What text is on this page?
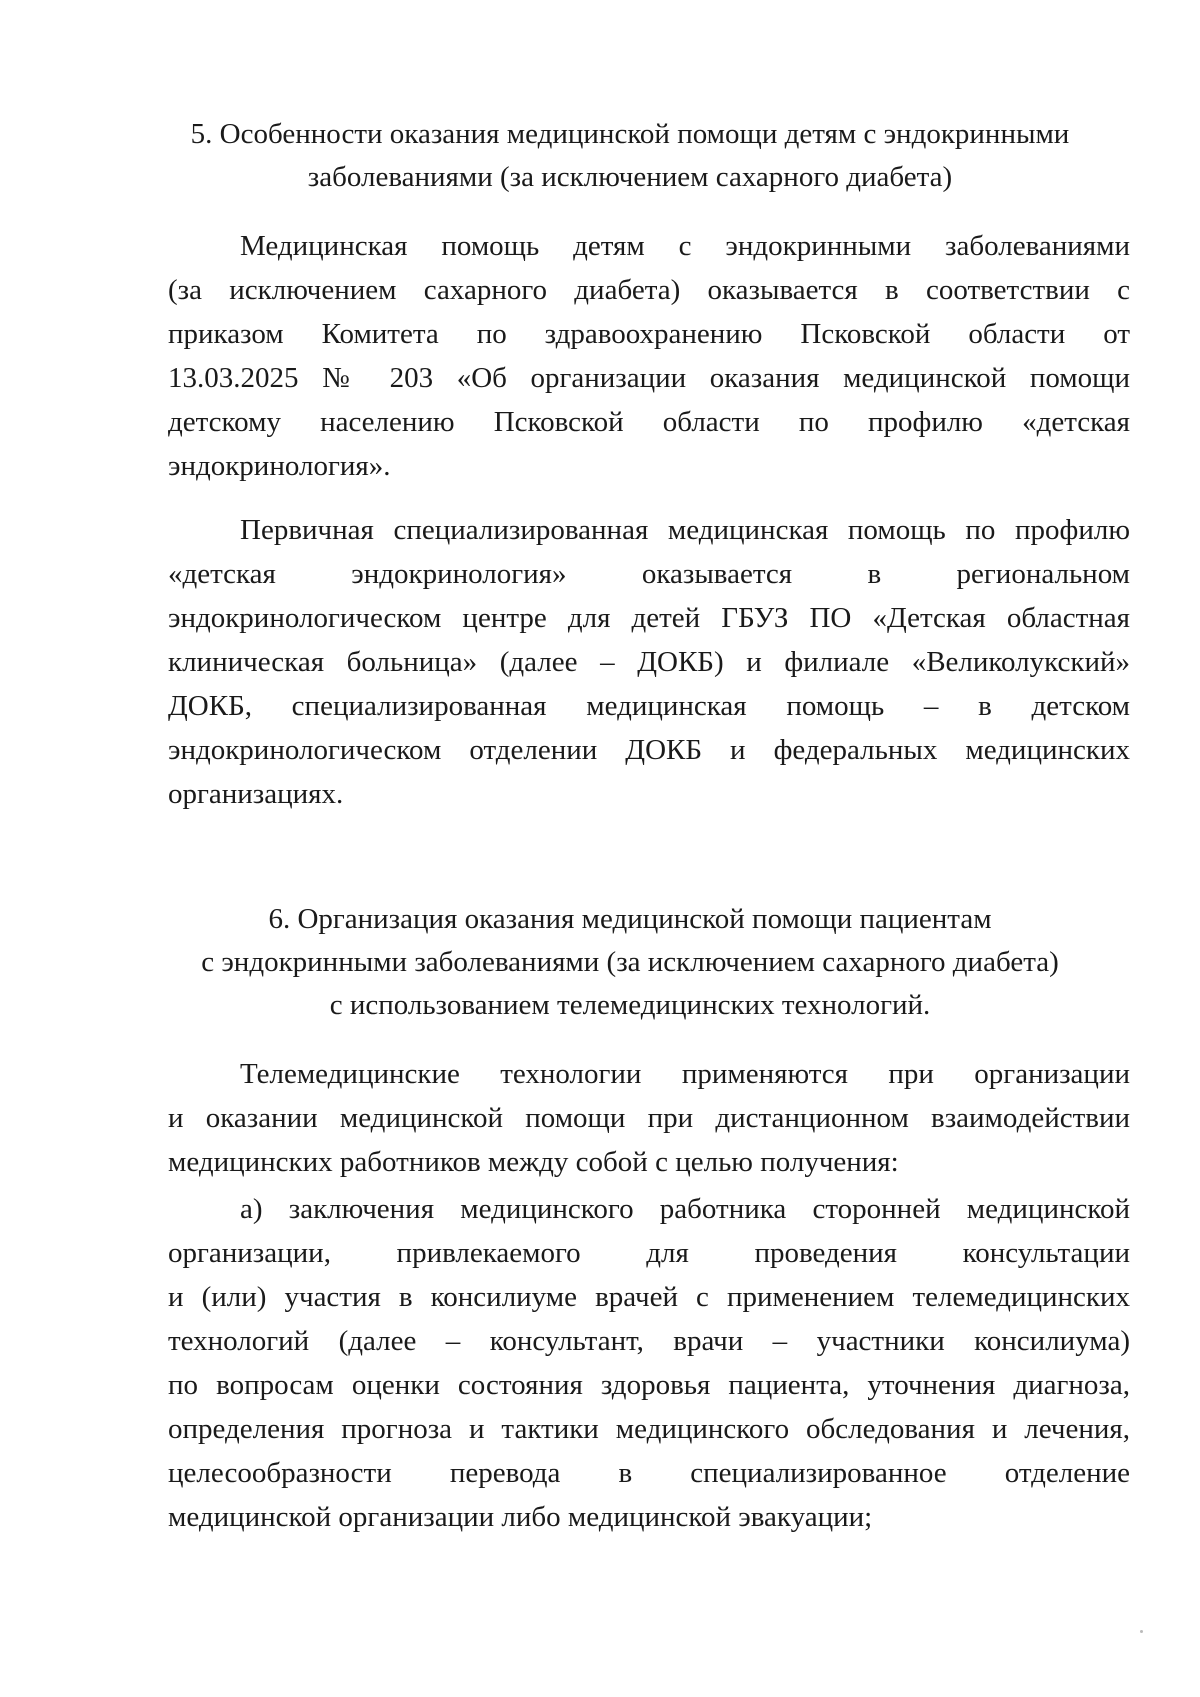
5. Особенности оказания медицинской помощи детям с эндокринными
заболеваниями (за исключением сахарного диабета)

Медицинская помощь детям с эндокринными заболеваниями
(за исключением сахарного диабета) оказывается в соответствии с
приказом Комитета по здравоохранению Псковской области от
13.03.2025 № 203 «Об организации оказания медицинской помощи
детскому населению Псковской области по профилю «детская
эндокринология».

Первичная специализированная медицинская помощь по профилю
«детская эндокринология» оказывается в региональном
эндокринологическом центре для детей ГБУЗ ПО «Детская областная
клиническая больница» (далее – ДОКБ) и филиале «Великолукский»
ДОКБ, специализированная медицинская помощь – в детском
эндокринологическом отделении ДОКБ и федеральных медицинских
организациях.

6. Организация оказания медицинской помощи пациентам
с эндокринными заболеваниями (за исключением сахарного диабета)
с использованием телемедицинских технологий.

Телемедицинские технологии применяются при организации
и оказании медицинской помощи при дистанционном взаимодействии
медицинских работников между собой с целью получения:

а) заключения медицинского работника сторонней медицинской
организации, привлекаемого для проведения консультации
и (или) участия в консилиуме врачей с применением телемедицинских
технологий (далее – консультант, врачи – участники консилиума)
по вопросам оценки состояния здоровья пациента, уточнения диагноза,
определения прогноза и тактики медицинского обследования и лечения,
целесообразности перевода в специализированное отделение
медицинской организации либо медицинской эвакуации;
